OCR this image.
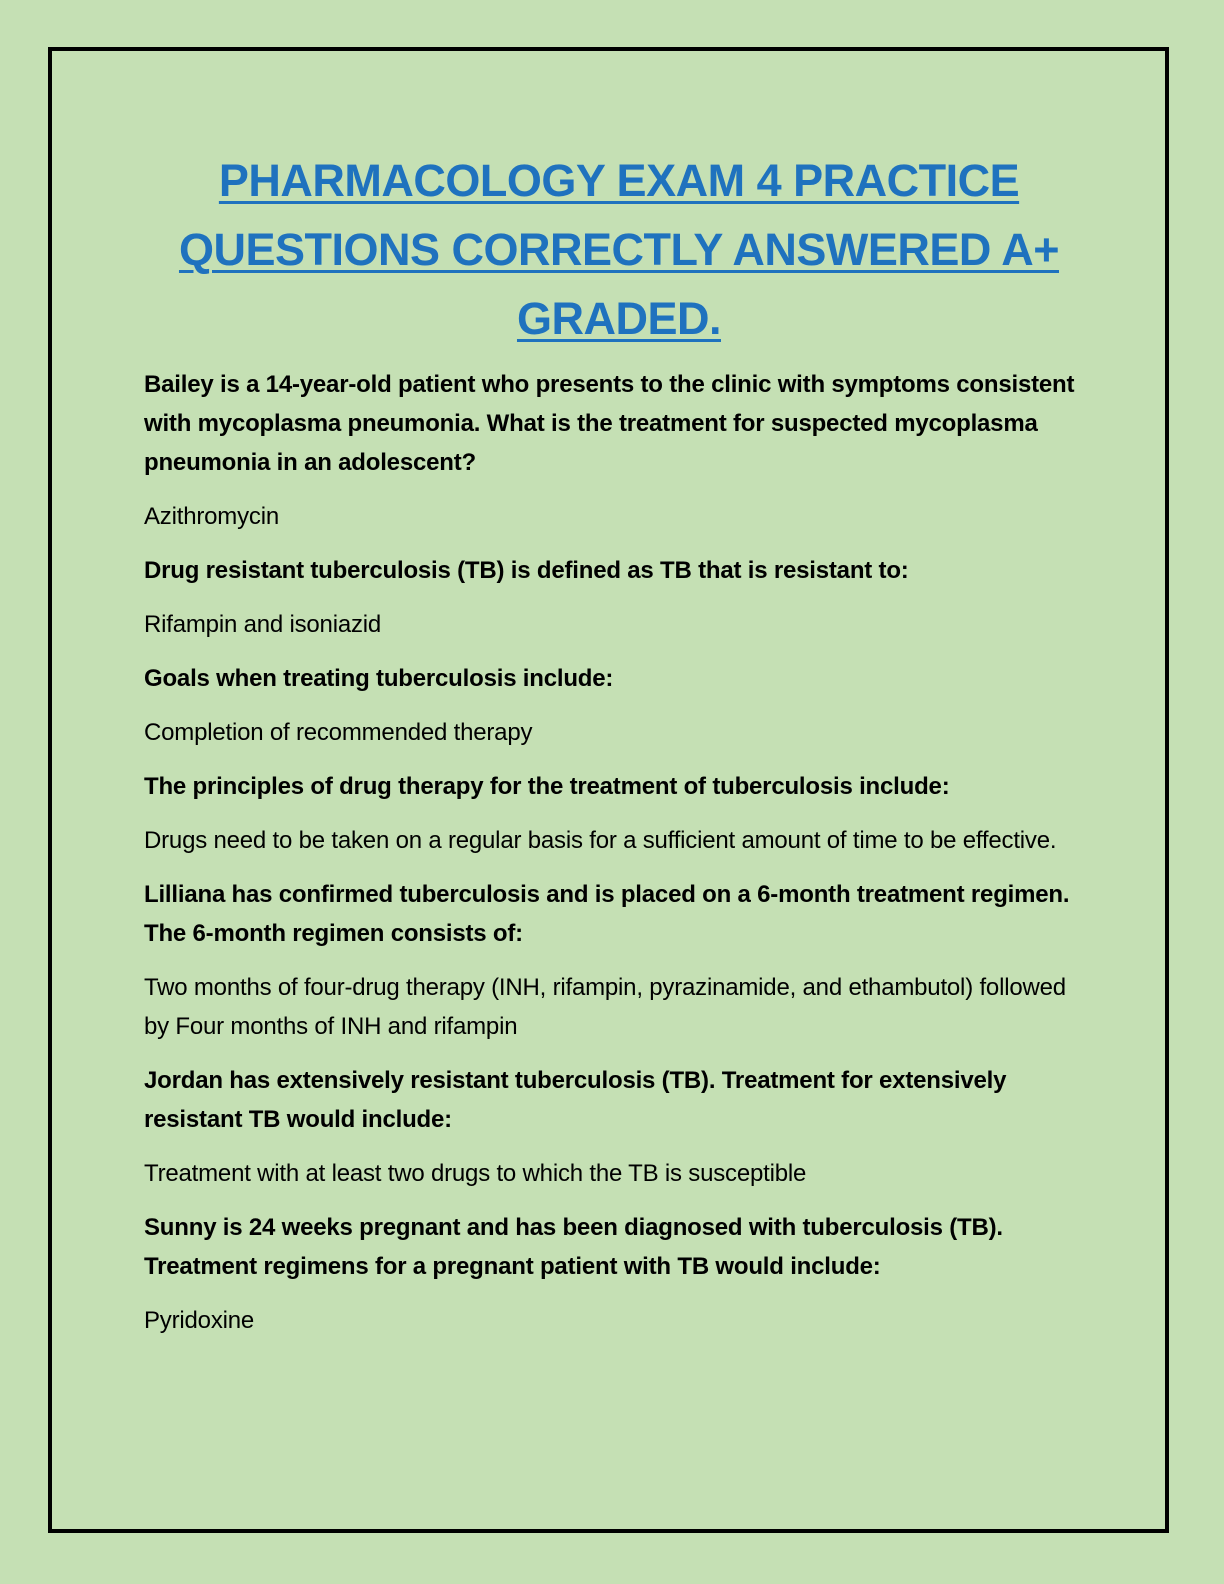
PHARMACOLOGY EXAM 4 PRACTICE QUESTIONS CORRECTLY ANSWERED A+ GRADED.

Bailey is a 14-year-old patient who presents to the clinic with symptoms consistent with mycoplasma pneumonia. What is the treatment for suspected mycoplasma pneumonia in an adolescent?

Azithromycin

Drug resistant tuberculosis (TB) is defined as TB that is resistant to:

Rifampin and isoniazid

Goals when treating tuberculosis include:

Completion of recommended therapy

The principles of drug therapy for the treatment of tuberculosis include:

Drugs need to be taken on a regular basis for a sufficient amount of time to be effective.

Lilliana has confirmed tuberculosis and is placed on a 6-month treatment regimen. The 6-month regimen consists of:

Two months of four-drug therapy (INH, rifampin, pyrazinamide, and ethambutol) followed by Four months of INH and rifampin

Jordan has extensively resistant tuberculosis (TB). Treatment for extensively resistant TB would include:

Treatment with at least two drugs to which the TB is susceptible

Sunny is 24 weeks pregnant and has been diagnosed with tuberculosis (TB). Treatment regimens for a pregnant patient with TB would include:

Pyridoxine
